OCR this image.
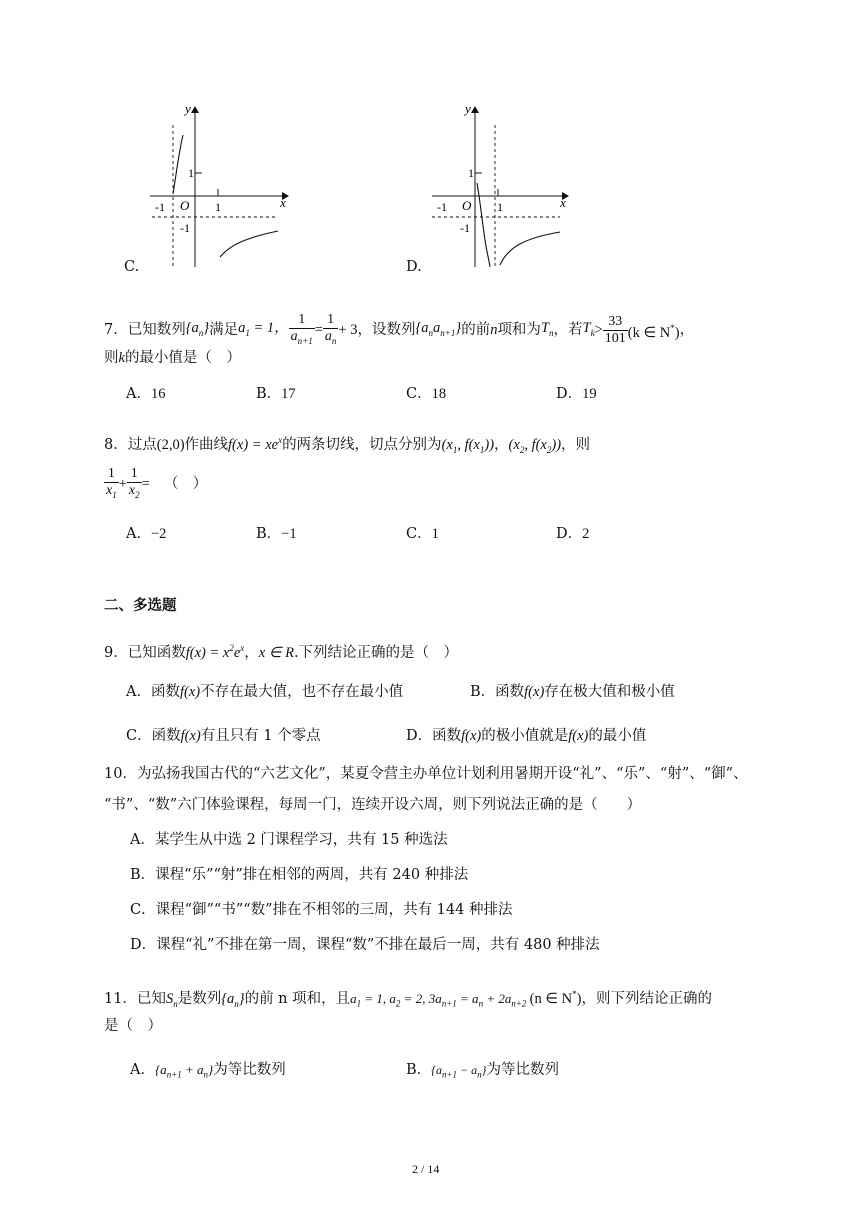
C.
y
x
O
1
1
-1
-1
D.
y
x
O
1
1
-1
-1
7．已知数列 $\{a_n\}$ 满足 $a_1 = 1$， $\frac{1}{a_{n+1}} = \frac{1}{a_n} + 3$ ，设数列 $\{a_na_{n+1}\}$ 的前 n 项和为 $T_n$ ，若 $T_k > \frac{33}{101} (k$ ∈ N*) ，
则k的最小值是（　）
A．16	B．17	C．18	D．19
8．过点(2,0)作曲线$f(x) = xe^x$的两条切线，切点分别为($x_1$, $f(x_1)$)，($x_2$, $f(x_2)$)，则
$\frac{1}{x_1} + \frac{1}{x_2}$ = （　）
A．−2	B．−1	C．1	D．2
二、多选题
9．已知函数$f(x) = x^2e^x$，x ∈ R.下列结论正确的是（　）
A．函数f(x)不存在最大值，也不存在最小值	B．函数f(x)存在极大值和极小值
C．函数f(x)有且只有 1 个零点	D．函数f(x)的极小值就是f(x)的最小值
10．为弘扬我国古代的“六艺文化”，某夏令营主办单位计划利用暑期开设“礼”、“乐”、“射”、“御”、
“书”、“数”六门体验课程，每周一门，连续开设六周，则下列说法正确的是（　　）
A．某学生从中选 2 门课程学习，共有 15 种选法
B．课程“乐”“射”排在相邻的两周，共有 240 种排法
C．课程“御”“书”“数”排在不相邻的三周，共有 144 种排法
D．课程“礼”不排在第一周，课程“数”不排在最后一周，共有 480 种排法
11．已知$S_n$是数列$\{a_n\}$的前 n 项和，且$a_1 = 1$, $a_2 = 2$, $3a_{n+1} = a_n + 2a_{n+2}$ (n ∈ N*)，则下列结论正确的
是（　）
A．$\{a_{n+1} + a_n\}$为等比数列	B．$\{a_{n+1} - a_n\}$为等比数列
2 / 14
